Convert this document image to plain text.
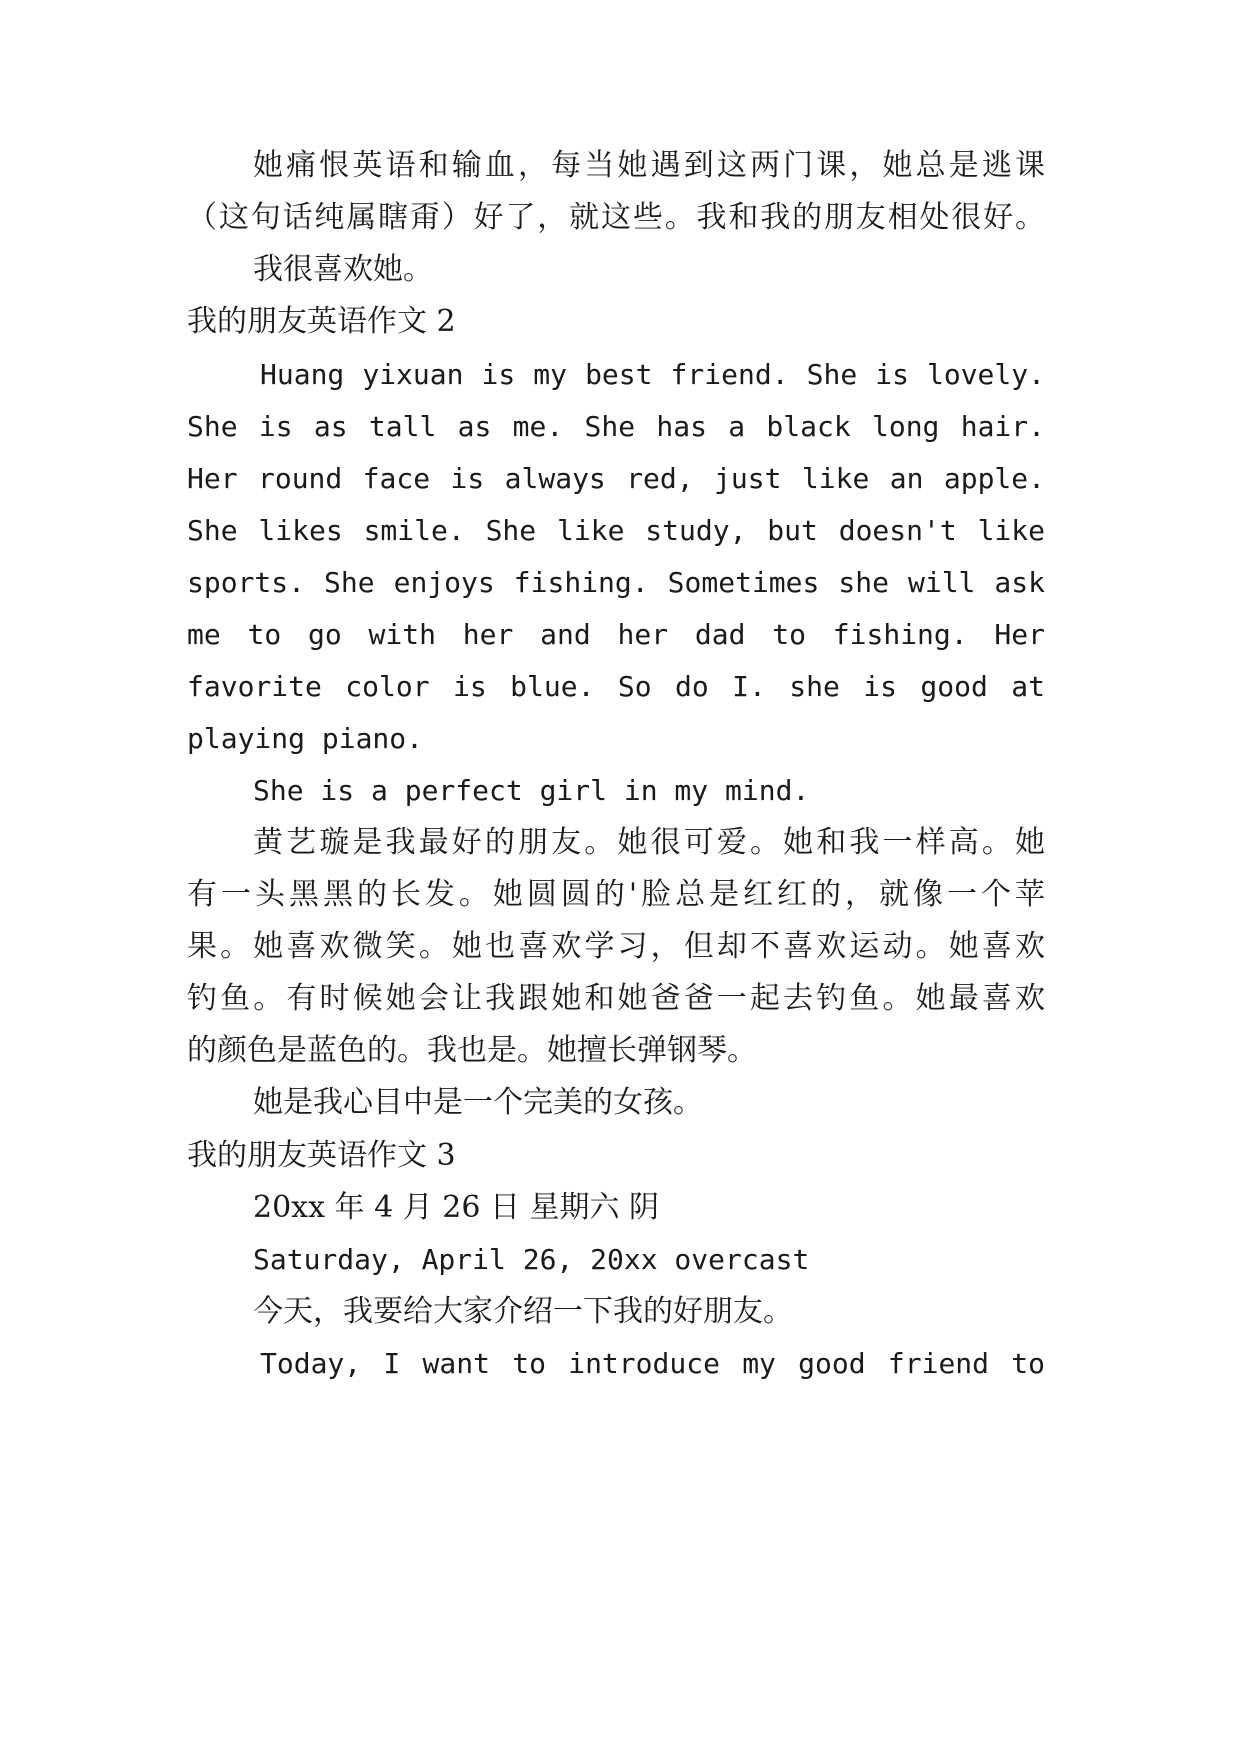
她痛恨英语和输血，每当她遇到这两门课，她总是逃课
（这句话纯属瞎甭）好了，就这些。我和我的朋友相处很好。
我很喜欢她。
我的朋友英语作文 2
Huang yixuan is my best friend. She is lovely.
She is as tall as me. She has a black long hair.
Her round face is always red, just like an apple.
She likes smile. She like study, but doesn't like
sports. She enjoys fishing. Sometimes she will ask
me to go with her and her dad to fishing. Her
favorite color is blue. So do I. she is good at
playing piano.
She is a perfect girl in my mind.
黄艺璇是我最好的朋友。她很可爱。她和我一样高。她
有一头黑黑的长发。她圆圆的'脸总是红红的，就像一个苹
果。她喜欢微笑。她也喜欢学习，但却不喜欢运动。她喜欢
钓鱼。有时候她会让我跟她和她爸爸一起去钓鱼。她最喜欢
的颜色是蓝色的。我也是。她擅长弹钢琴。
她是我心目中是一个完美的女孩。
我的朋友英语作文 3
20xx 年 4 月 26 日 星期六 阴
Saturday, April 26, 20xx overcast
今天，我要给大家介绍一下我的好朋友。
Today, I want to introduce my good friend to
